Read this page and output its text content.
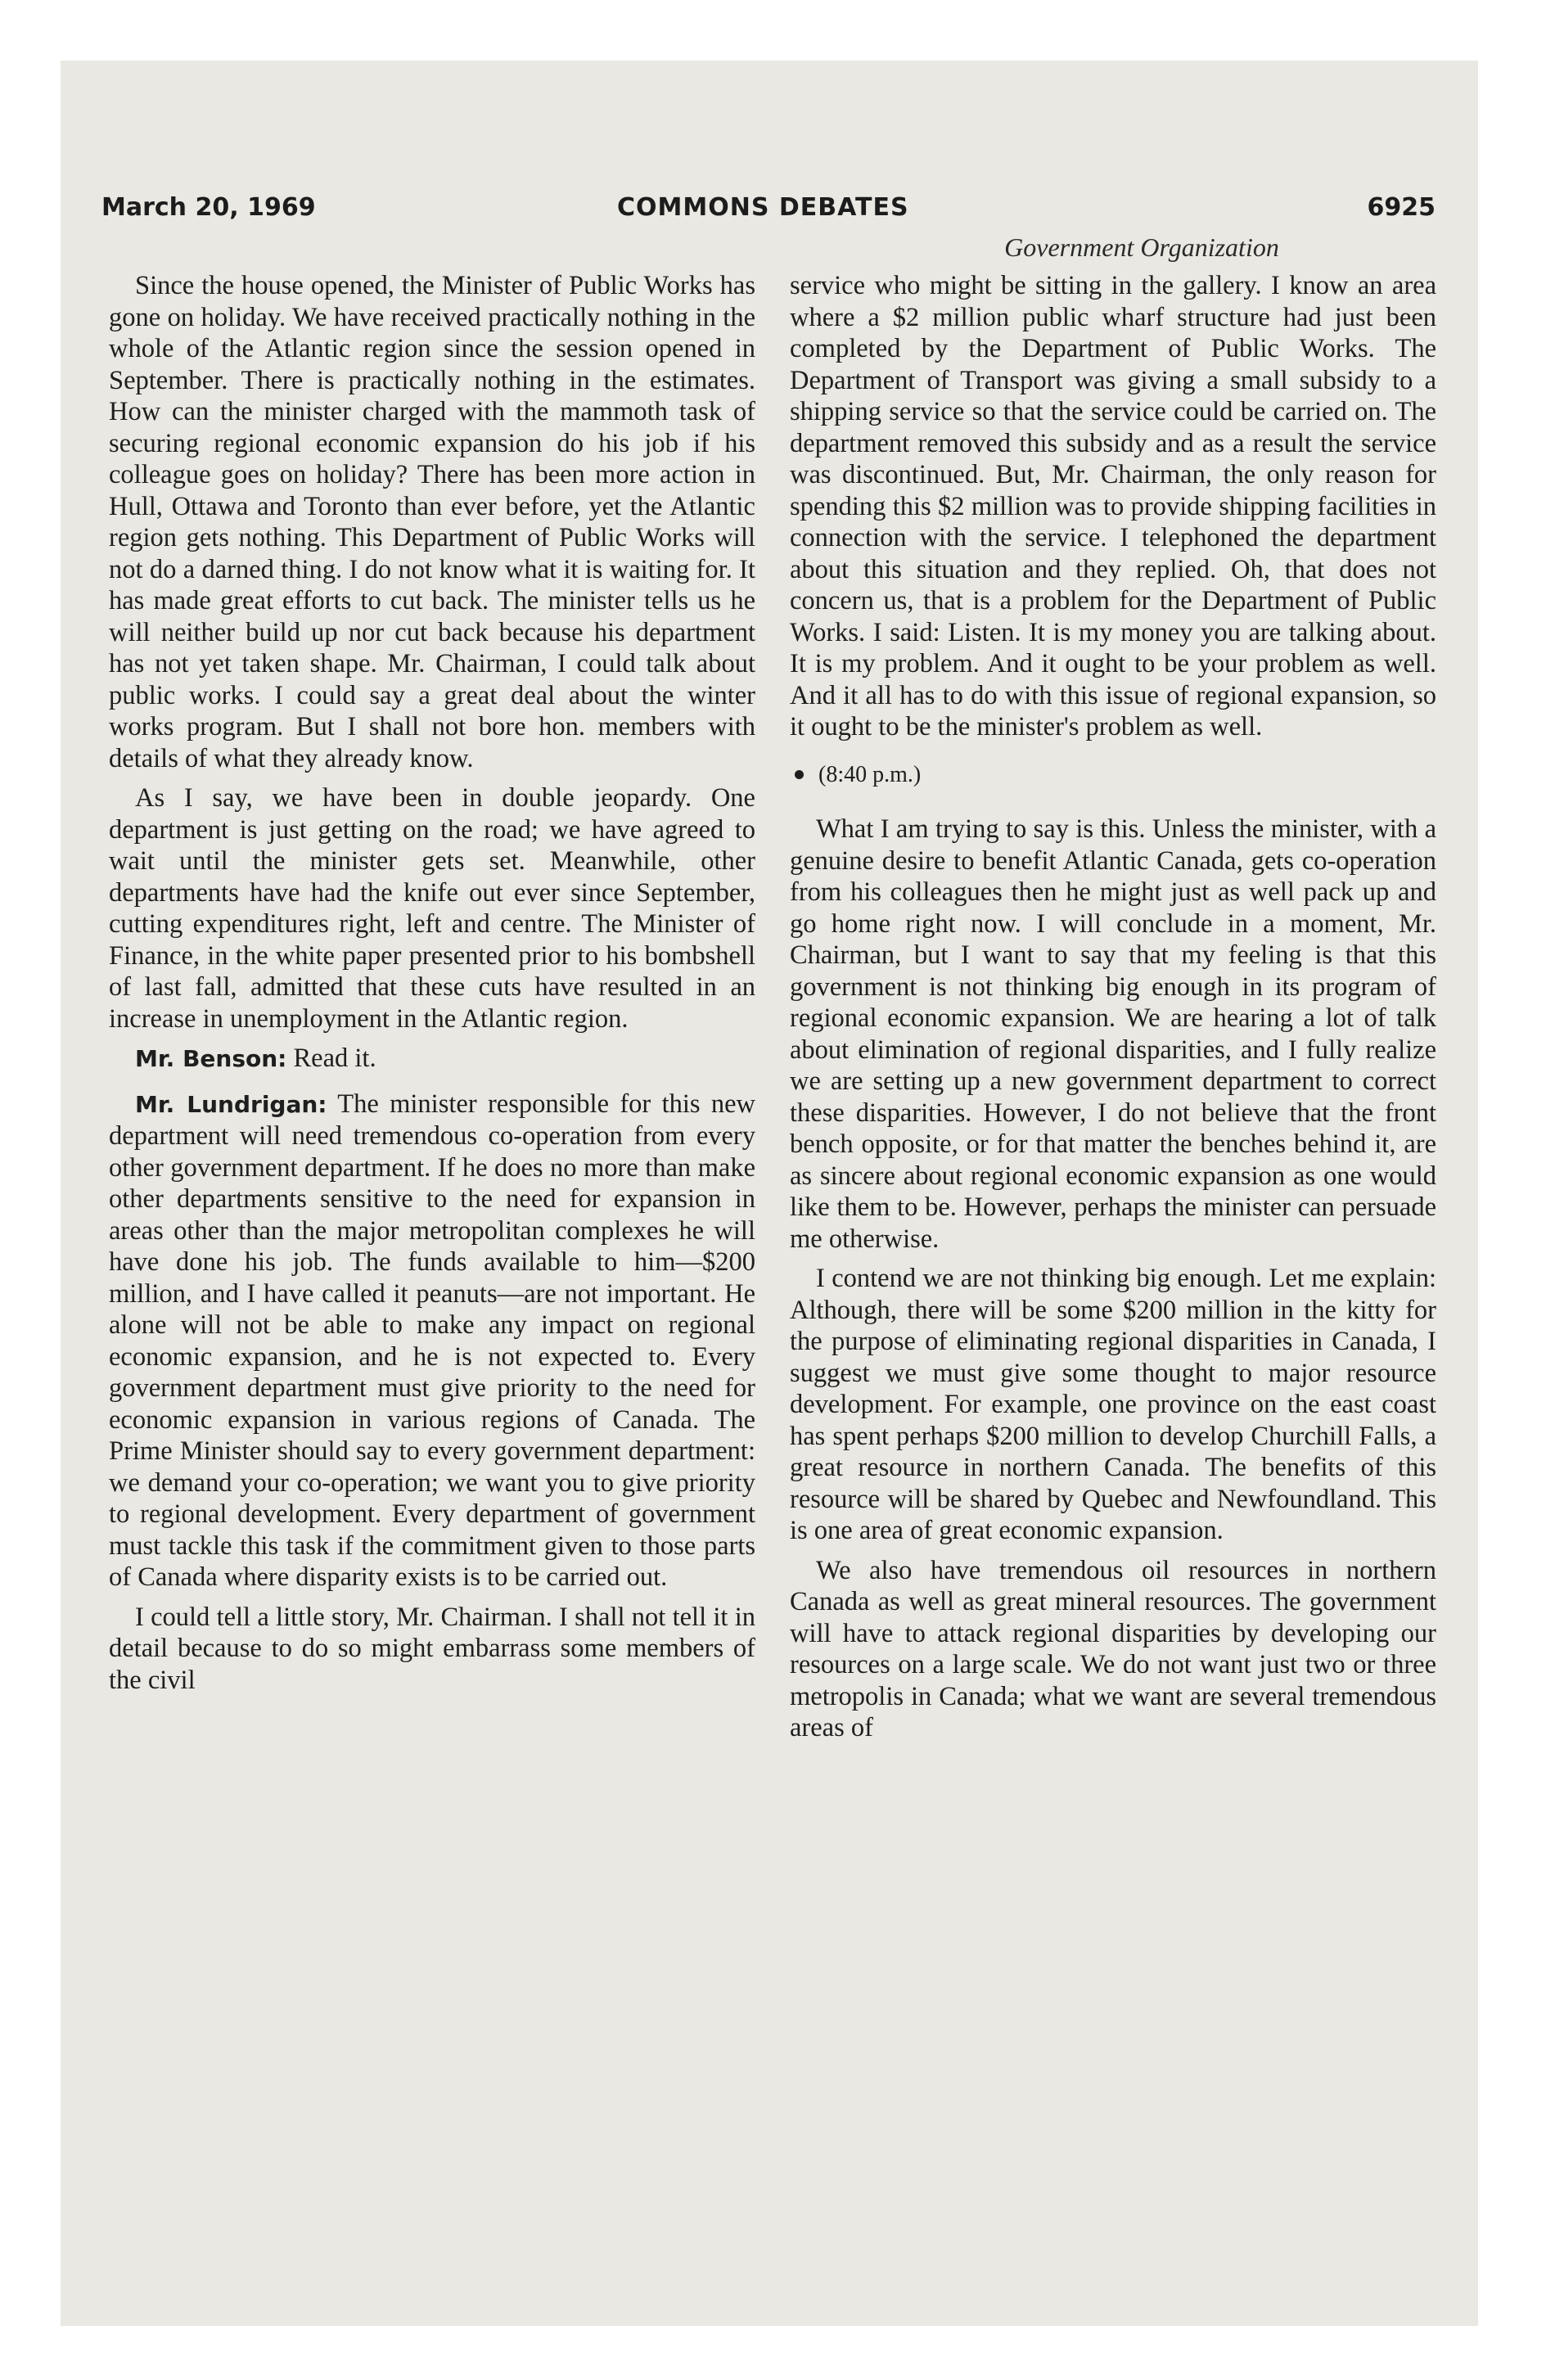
March 20, 1969	COMMONS DEBATES	6925
Government Organization

Since the house opened, the Minister of Public Works has gone on holiday. We have received practically nothing in the whole of the Atlantic region since the session opened in September. There is practically nothing in the estimates. How can the minister charged with the mammoth task of securing regional economic expansion do his job if his colleague goes on holiday? There has been more action in Hull, Ottawa and Toronto than ever before, yet the Atlantic region gets nothing. This Department of Public Works will not do a darned thing. I do not know what it is waiting for. It has made great efforts to cut back. The minister tells us he will neither build up nor cut back because his department has not yet taken shape. Mr. Chairman, I could talk about public works. I could say a great deal about the winter works program. But I shall not bore hon. members with details of what they already know.

As I say, we have been in double jeopardy. One department is just getting on the road; we have agreed to wait until the minister gets set. Meanwhile, other departments have had the knife out ever since September, cutting expenditures right, left and centre. The Minister of Finance, in the white paper presented prior to his bombshell of last fall, admitted that these cuts have resulted in an increase in unemployment in the Atlantic region.

Mr. Benson: Read it.

Mr. Lundrigan: The minister responsible for this new department will need tremendous co-operation from every other government department. If he does no more than make other departments sensitive to the need for expansion in areas other than the major metropolitan complexes he will have done his job. The funds available to him—$200 million, and I have called it peanuts—are not important. He alone will not be able to make any impact on regional economic expansion, and he is not expected to. Every government department must give priority to the need for economic expansion in various regions of Canada. The Prime Minister should say to every government department: we demand your co-operation; we want you to give priority to regional development. Every department of government must tackle this task if the commitment given to those parts of Canada where disparity exists is to be carried out.

I could tell a little story, Mr. Chairman. I shall not tell it in detail because to do so might embarrass some members of the civil

service who might be sitting in the gallery. I know an area where a $2 million public wharf structure had just been completed by the Department of Public Works. The Department of Transport was giving a small subsidy to a shipping service so that the service could be carried on. The department removed this subsidy and as a result the service was discontinued. But, Mr. Chairman, the only reason for spending this $2 million was to provide shipping facilities in connection with the service. I telephoned the department about this situation and they replied. Oh, that does not concern us, that is a problem for the Department of Public Works. I said: Listen. It is my money you are talking about. It is my problem. And it ought to be your problem as well. And it all has to do with this issue of regional expansion, so it ought to be the minister's problem as well.

(8:40 p.m.)

What I am trying to say is this. Unless the minister, with a genuine desire to benefit Atlantic Canada, gets co-operation from his colleagues then he might just as well pack up and go home right now. I will conclude in a moment, Mr. Chairman, but I want to say that my feeling is that this government is not thinking big enough in its program of regional economic expansion. We are hearing a lot of talk about elimination of regional disparities, and I fully realize we are setting up a new government department to correct these disparities. However, I do not believe that the front bench opposite, or for that matter the benches behind it, are as sincere about regional economic expansion as one would like them to be. However, perhaps the minister can persuade me otherwise.

I contend we are not thinking big enough. Let me explain: Although, there will be some $200 million in the kitty for the purpose of eliminating regional disparities in Canada, I suggest we must give some thought to major resource development. For example, one province on the east coast has spent perhaps $200 million to develop Churchill Falls, a great resource in northern Canada. The benefits of this resource will be shared by Quebec and Newfoundland. This is one area of great economic expansion.

We also have tremendous oil resources in northern Canada as well as great mineral resources. The government will have to attack regional disparities by developing our resources on a large scale. We do not want just two or three metropolis in Canada; what we want are several tremendous areas of
